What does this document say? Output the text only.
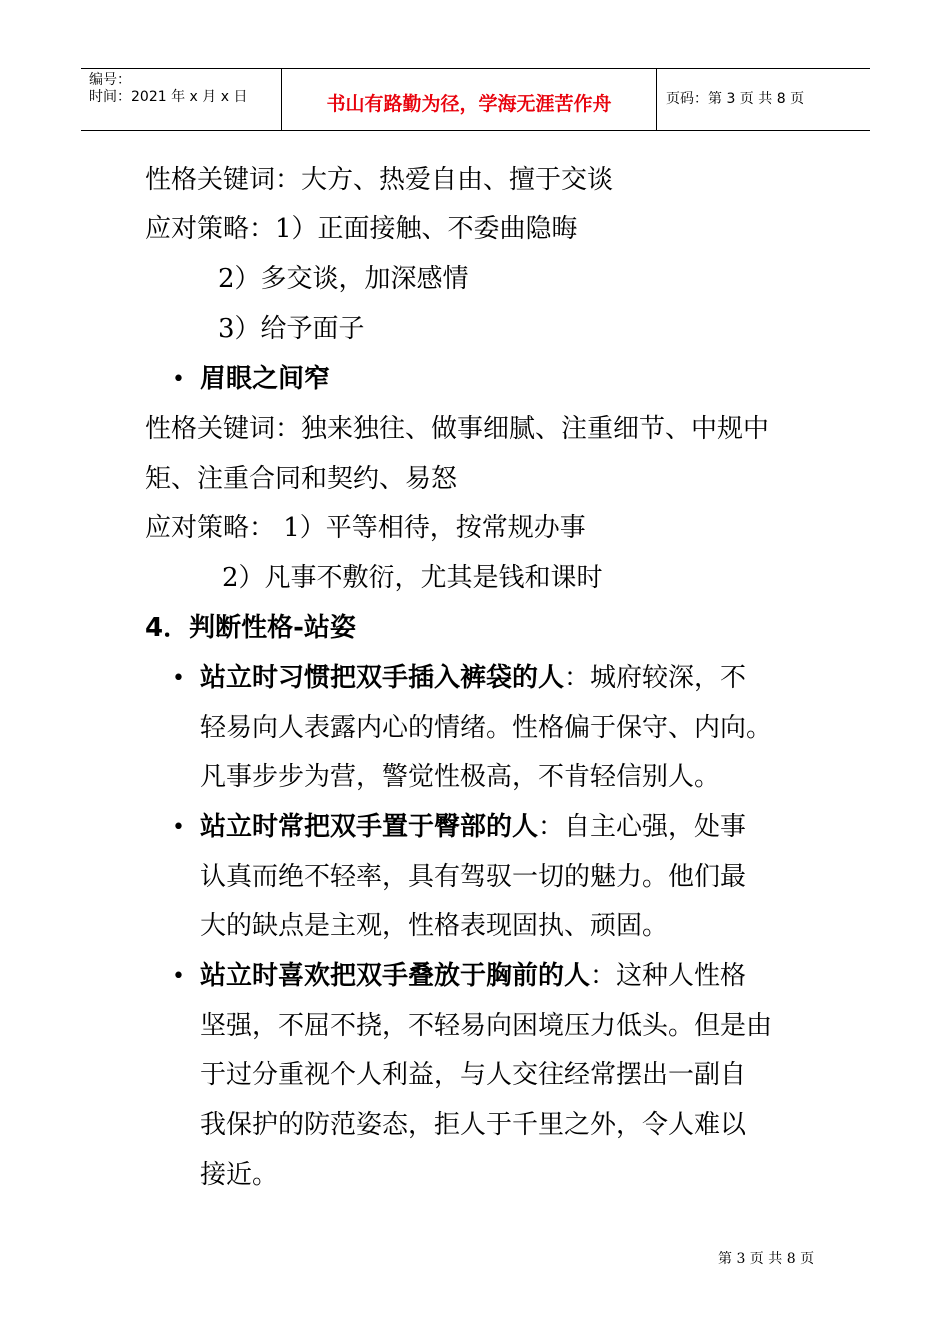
编号：
时间：2021 年 x 月 x 日	书山有路勤为径，学海无涯苦作舟	页码：第 3 页 共 8 页
性格关键词：大方、热爱自由、擅于交谈
应对策略：1）正面接触、不委曲隐晦
2）多交谈，加深感情
3）给予面子
• 眉眼之间窄
性格关键词：独来独往、做事细腻、注重细节、中规中
矩、注重合同和契约、易怒
应对策略： 1）平等相待，按常规办事
2）凡事不敷衍，尤其是钱和课时
4．判断性格-站姿
• 站立时习惯把双手插入裤袋的人：城府较深，不
轻易向人表露内心的情绪。性格偏于保守、内向。
凡事步步为营，警觉性极高，不肯轻信别人。
• 站立时常把双手置于臀部的人：自主心强，处事
认真而绝不轻率，具有驾驭一切的魅力。他们最
大的缺点是主观，性格表现固执、顽固。
• 站立时喜欢把双手叠放于胸前的人：这种人性格
坚强，不屈不挠，不轻易向困境压力低头。但是由
于过分重视个人利益，与人交往经常摆出一副自
我保护的防范姿态，拒人于千里之外，令人难以
接近。
第 3 页 共 8 页
